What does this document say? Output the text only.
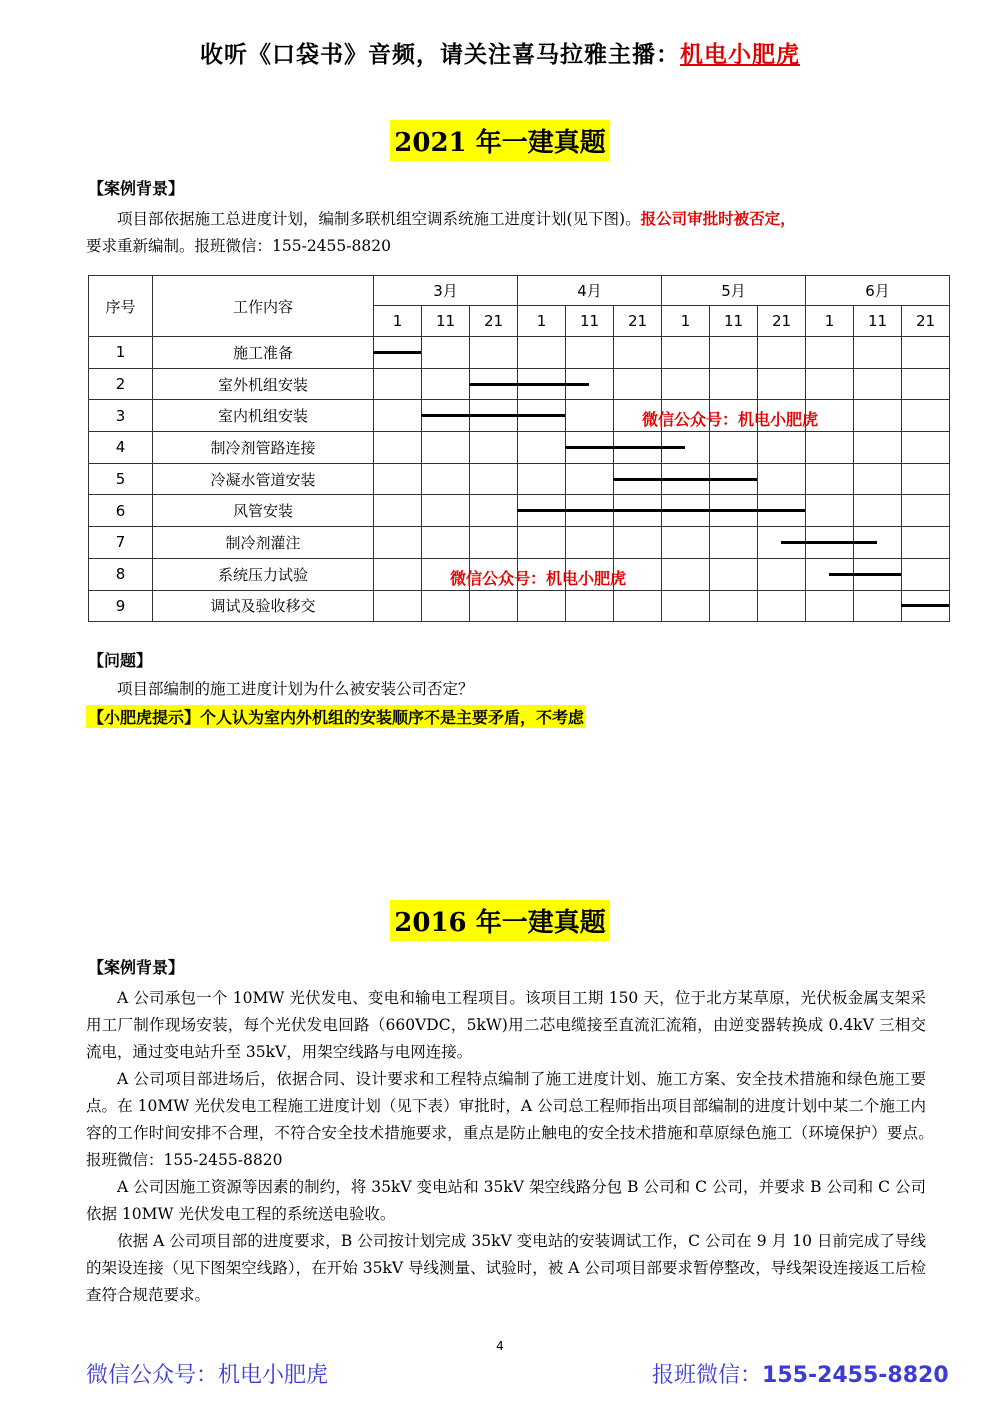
收听《口袋书》音频，请关注喜马拉雅主播：机电小肥虎
2021 年一建真题
【案例背景】

项目部依据施工总进度计划，编制多联机组空调系统施工进度计划(见下图)。报公司审批时被否定，

要求重新编制。报班微信：155-2455-8820
序号	工作内容	3月			4月			5月			6月		
		1	11	21	1	11	21	1	11	21	1	11	21
1	施工准备												
2	室外机组安装												
3	室内机组安装												
4	制冷剂管路连接												
5	冷凝水管道安装												
6	风管安装												
7	制冷剂灌注												
8	系统压力试验												
9	调试及验收移交												
微信公众号：机电小肥虎
微信公众号：机电小肥虎
【问题】

项目部编制的施工进度计划为什么被安装公司否定？

【小肥虎提示】个人认为室内外机组的安装顺序不是主要矛盾，不考虑
2016 年一建真题
【案例背景】

A 公司承包一个 10MW 光伏发电、变电和输电工程项目。该项目工期 150 天，位于北方某草原，光伏板金属支架采用工厂制作现场安装，每个光伏发电回路（660VDC，5kW)用二芯电缆接至直流汇流箱，由逆变器转换成 0.4kV 三相交流电，通过变电站升至 35kV，用架空线路与电网连接。

A 公司项目部进场后，依据合同、设计要求和工程特点编制了施工进度计划、施工方案、安全技术措施和绿色施工要点。在 10MW 光伏发电工程施工进度计划（见下表）审批时，A 公司总工程师指出项目部编制的进度计划中某二个施工内容的工作时间安排不合理，不符合安全技术措施要求，重点是防止触电的安全技术措施和草原绿色施工（环境保护）要点。　报班微信：155-2455-8820

A 公司因施工资源等因素的制约，将 35kV 变电站和 35kV 架空线路分包 B 公司和 C 公司，并要求 B 公司和 C 公司依据 10MW 光伏发电工程的系统送电验收。

依据 A 公司项目部的进度要求，B 公司按计划完成 35kV 变电站的安装调试工作，C 公司在 9 月 10 日前完成了导线的架设连接（见下图架空线路），在开始 35kV 导线测量、试验时，被 A 公司项目部要求暂停整改，导线架设连接返工后检查符合规范要求。

4
微信公众号：机电小肥虎	报班微信：155-2455-8820
